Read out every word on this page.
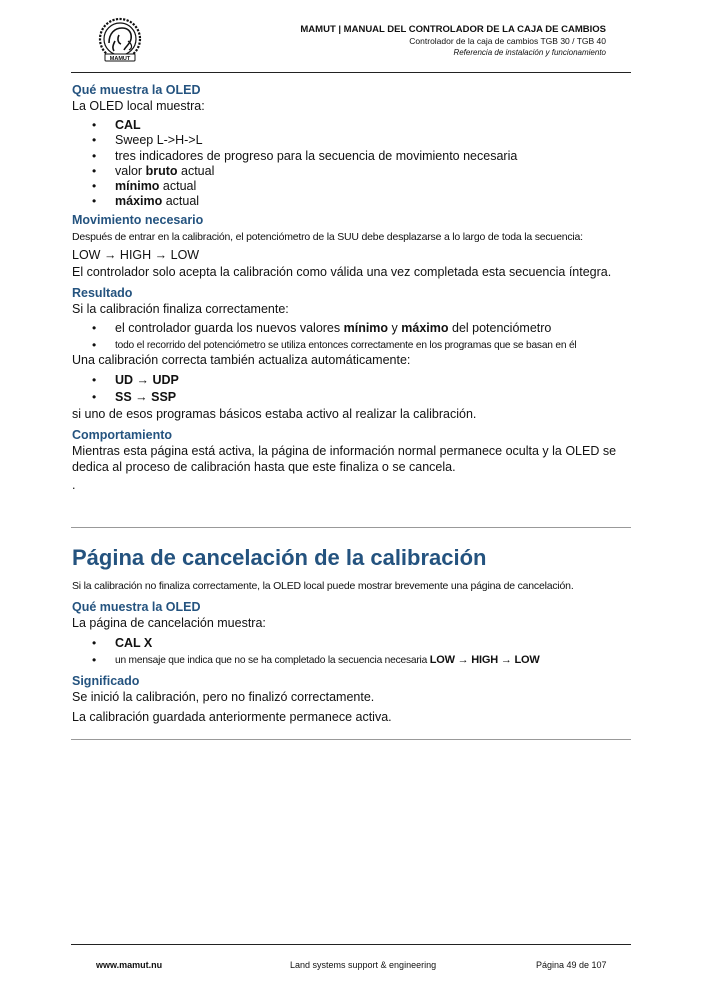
MAMUT
MAMUT | MANUAL DEL CONTROLADOR DE LA CAJA DE CAMBIOS
Controlador de la caja de cambios TGB 30 / TGB 40
Referencia de instalación y funcionamiento

Qué muestra la OLED

La OLED local muestra:

• CAL
• Sweep L->H->L
• tres indicadores de progreso para la secuencia de movimiento necesaria
• valor bruto actual
• mínimo actual
• máximo actual

Movimiento necesario

Después de entrar en la calibración, el potenciómetro de la SUU debe desplazarse a lo largo de toda la secuencia:

LOW → HIGH → LOW

El controlador solo acepta la calibración como válida una vez completada esta secuencia íntegra.

Resultado

Si la calibración finaliza correctamente:

• el controlador guarda los nuevos valores mínimo y máximo del potenciómetro
• todo el recorrido del potenciómetro se utiliza entonces correctamente en los programas que se basan en él

Una calibración correcta también actualiza automáticamente:

• UD → UDP
• SS → SSP

si uno de esos programas básicos estaba activo al realizar la calibración.

Comportamiento

Mientras esta página está activa, la página de información normal permanece oculta y la OLED se dedica al proceso de calibración hasta que este finaliza o se cancela.

.

Página de cancelación de la calibración

Si la calibración no finaliza correctamente, la OLED local puede mostrar brevemente una página de cancelación.

Qué muestra la OLED

La página de cancelación muestra:

• CAL X
• un mensaje que indica que no se ha completado la secuencia necesaria LOW → HIGH → LOW

Significado

Se inició la calibración, pero no finalizó correctamente.

La calibración guardada anteriormente permanece activa.

www.mamut.nu	Land systems support & engineering	Página 49 de 107
